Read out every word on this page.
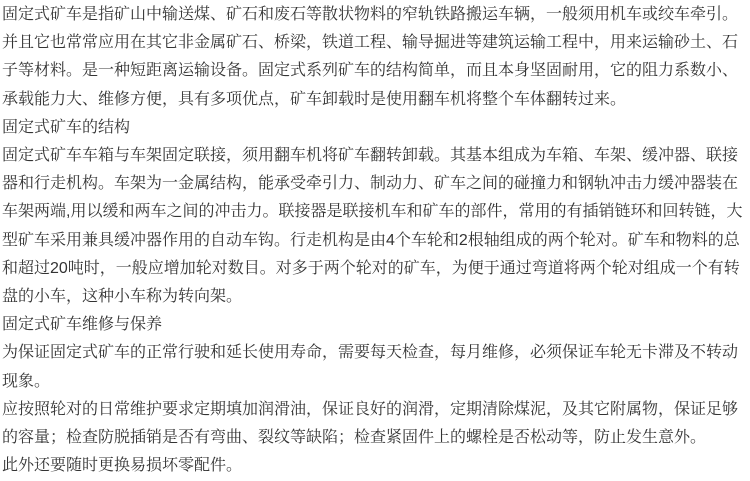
固定式矿车是指矿山中输送煤、矿石和废石等散状物料的窄轨铁路搬运车辆，一般须用机车或绞车牵引。并且它也常常应用在其它非金属矿石、桥梁，铁道工程、输导掘进等建筑运输工程中，用来运输砂土、石子等材料。是一种短距离运输设备。固定式系列矿车的结构简单，而且本身坚固耐用，它的阻力系数小、承载能力大、维修方便，具有多项优点，矿车卸载时是使用翻车机将整个车体翻转过来。

固定式矿车的结构

固定式矿车车箱与车架固定联接，须用翻车机将矿车翻转卸载。其基本组成为车箱、车架、缓冲器、联接器和行走机构。车架为一金属结构，能承受牵引力、制动力、矿车之间的碰撞力和钢轨冲击力缓冲器装在车架两端,用以缓和两车之间的冲击力。联接器是联接机车和矿车的部件，常用的有插销链环和回转链，大型矿车采用兼具缓冲器作用的自动车钩。行走机构是由4个车轮和2根轴组成的两个轮对。矿车和物料的总和超过20吨时，一般应增加轮对数目。对多于两个轮对的矿车，为便于通过弯道将两个轮对组成一个有转盘的小车，这种小车称为转向架。

固定式矿车维修与保养

为保证固定式矿车的正常行驶和延长使用寿命，需要每天检查，每月维修，必须保证车轮无卡滞及不转动现象。

应按照轮对的日常维护要求定期填加润滑油，保证良好的润滑，定期清除煤泥，及其它附属物，保证足够的容量；检查防脱插销是否有弯曲、裂纹等缺陷；检查紧固件上的螺栓是否松动等，防止发生意外。

此外还要随时更换易损坏零配件。
